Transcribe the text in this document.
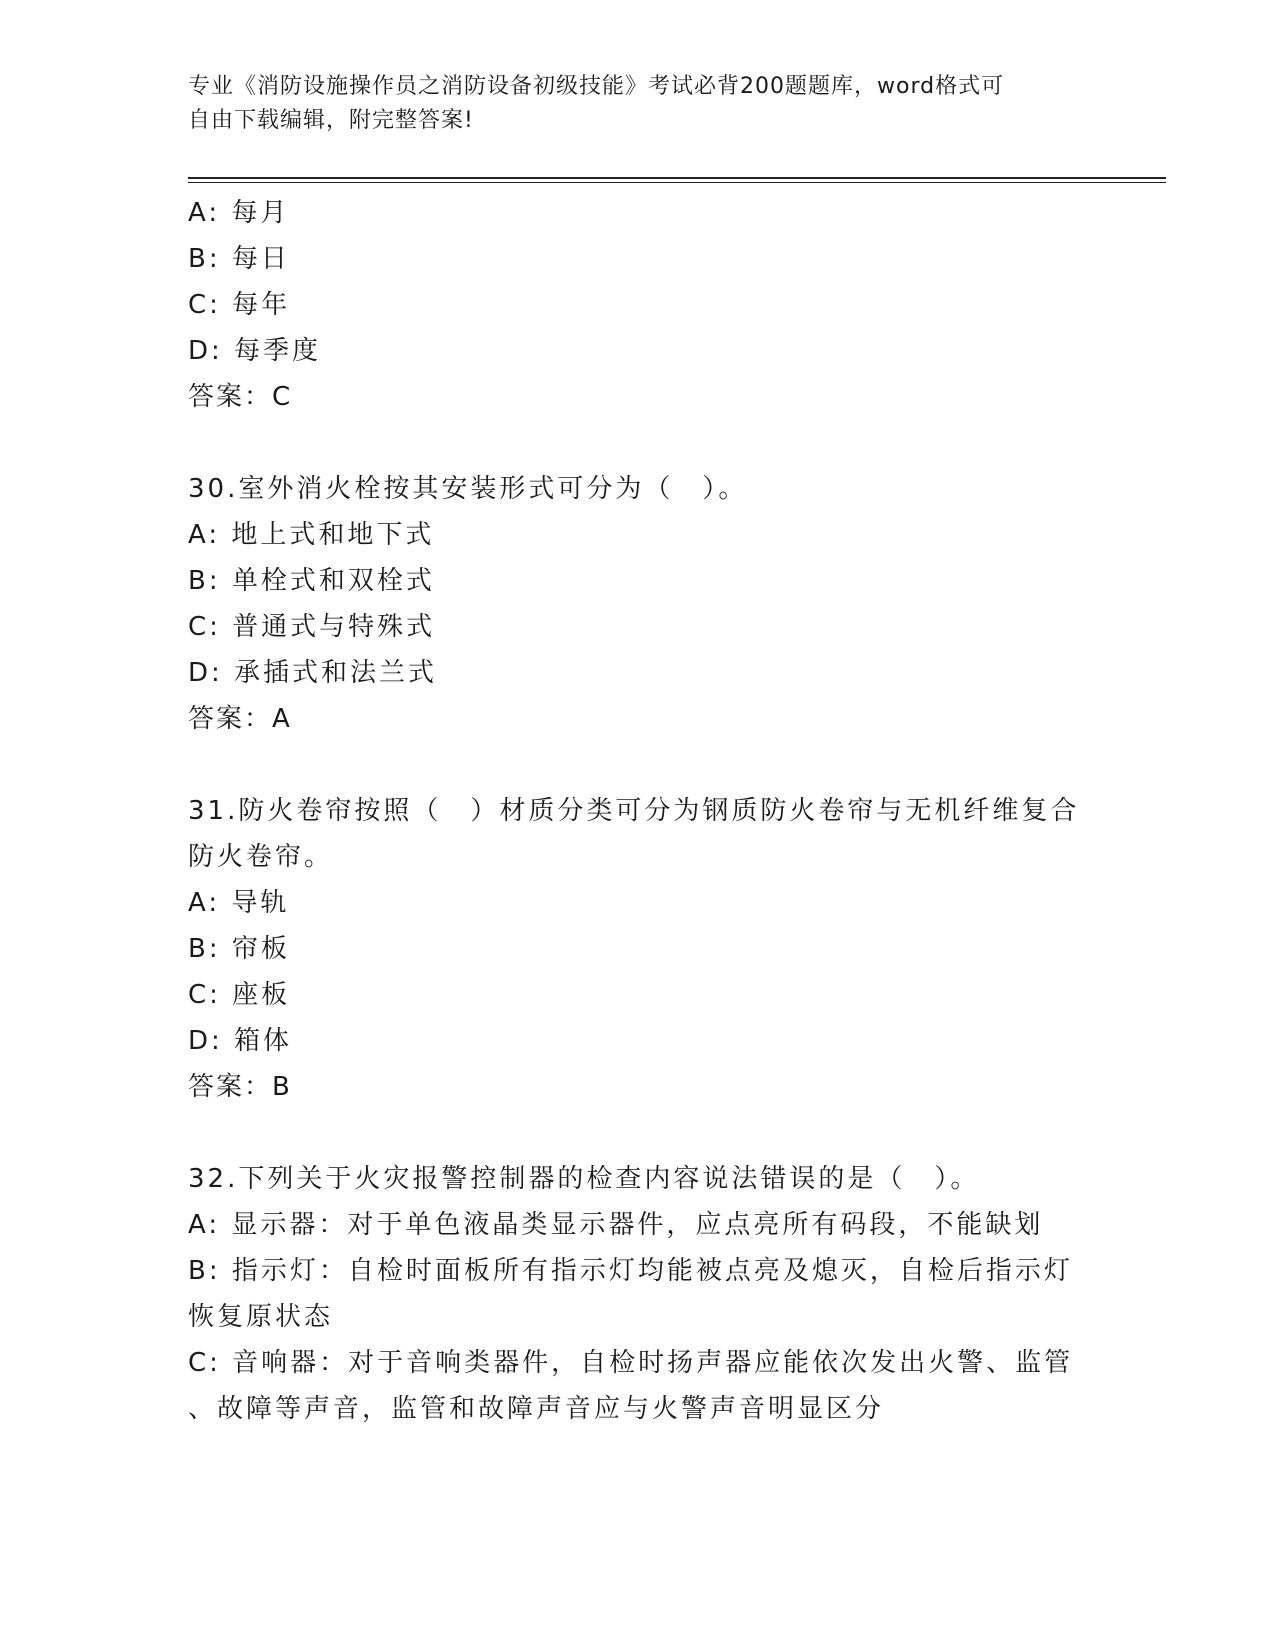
专业《消防设施操作员之消防设备初级技能》考试必背200题题库，word格式可
自由下载编辑，附完整答案!
A: 每月
B: 每日
C: 每年
D: 每季度
答案：C
30.室外消火栓按其安装形式可分为（　）。
A: 地上式和地下式
B: 单栓式和双栓式
C: 普通式与特殊式
D: 承插式和法兰式
答案：A
31.防火卷帘按照（　）材质分类可分为钢质防火卷帘与无机纤维复合
防火卷帘。
A: 导轨
B: 帘板
C: 座板
D: 箱体
答案：B
32.下列关于火灾报警控制器的检查内容说法错误的是（　）。
A: 显示器：对于单色液晶类显示器件，应点亮所有码段，不能缺划
B: 指示灯：自检时面板所有指示灯均能被点亮及熄灭，自检后指示灯
恢复原状态
C: 音响器：对于音响类器件，自检时扬声器应能依次发出火警、监管
、故障等声音，监管和故障声音应与火警声音明显区分
